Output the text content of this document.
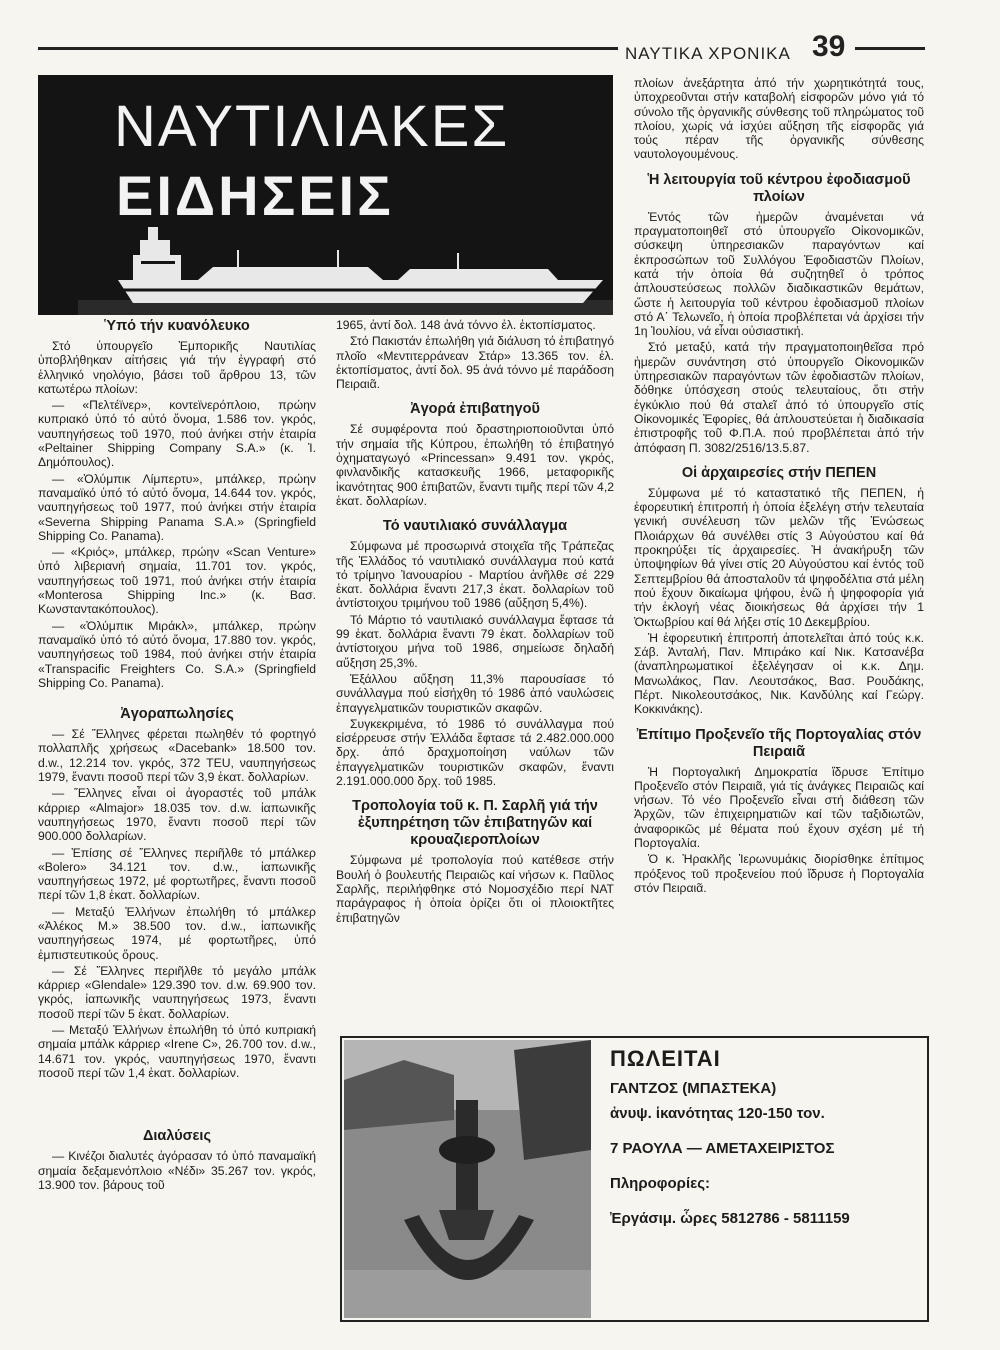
ΝΑΥΤΙΚΑ ΧΡΟΝΙΚΑ 39
ΝΑΥΤΙΛΙΑΚΕΣ
ΕΙΔΗΣΕΙΣ
Ὑπό τήν κυανόλευκο

Στό ὑπουργεῖο Ἐμπορικῆς Ναυτιλίας ὑποβλήθηκαν αἰτήσεις γιά τήν ἐγγραφή στό ἑλληνικό νηολόγιο, βάσει τοῦ ἄρθρου 13, τῶν κατωτέρω πλοίων:

— «Πελτέϊνερ», κοντεϊνερόπλοιο, πρώην κυπριακό ὑπό τό αὐτό ὄνομα, 1.586 τον. γκρός, ναυπηγήσεως τοῦ 1970, πού ἀνήκει στήν ἑταιρία «Peltainer Shipping Company S.A.» (κ. Ἰ. Δημόπουλος).

— «Ὀλύμπικ Λίμπερτυ», μπάλκερ, πρώην παναμαϊκό ὑπό τό αὐτό ὄνομα, 14.644 τον. γκρός, ναυπηγήσεως τοῦ 1977, πού ἀνήκει στήν ἑταιρία «Severna Shipping Panama S.A.» (Springfield Shipping Co. Panama).

— «Κριός», μπάλκερ, πρώην «Scan Venture» ὑπό λιβεριανή σημαία, 11.701 τον. γκρός, ναυπηγήσεως τοῦ 1971, πού ἀνήκει στήν ἑταιρία «Monterosa Shipping Inc.» (κ. Βασ. Κωνσταντακόπουλος).

— «Ὀλύμπικ Μιράκλ», μπάλκερ, πρώην παναμαϊκό ὑπό τό αὐτό ὄνομα, 17.880 τον. γκρός, ναυπηγήσεως τοῦ 1984, πού ἀνήκει στήν ἑταιρία «Transpacific Freighters Co. S.A.» (Springfield Shipping Co. Panama).

Ἀγοραπωλησίες

— Σέ Ἕλληνες φέρεται πωληθέν τό φορτηγό πολλαπλῆς χρήσεως «Dacebank» 18.500 τον. d.w., 12.214 τον. γκρός, 372 TEU, ναυπηγήσεως 1979, ἔναντι ποσοῦ περί τῶν 3,9 ἑκατ. δολλαρίων.

— Ἕλληνες εἶναι οἱ ἀγοραστές τοῦ μπάλκ κάρριερ «Almajor» 18.035 τον. d.w. ἰαπωνικῆς ναυπηγήσεως 1970, ἔναντι ποσοῦ περί τῶν 900.000 δολλαρίων.

— Ἐπίσης σέ Ἕλληνες περιῆλθε τό μπάλκερ «Bolero» 34.121 τον. d.w., ἰαπωνικῆς ναυπηγήσεως 1972, μέ φορτωτῆρες, ἔναντι ποσοῦ περί τῶν 1,8 ἑκατ. δολλαρίων.

— Μεταξύ Ἑλλήνων ἐπωλήθη τό μπάλκερ «Ἀλέκος Μ.» 38.500 τον. d.w., ἰαπωνικῆς ναυπηγήσεως 1974, μέ φορτωτῆρες, ὑπό ἐμπιστευτικούς ὅρους.

— Σέ Ἕλληνες περιῆλθε τό μεγάλο μπάλκ κάρριερ «Glendale» 129.390 τον. d.w. 69.900 τον. γκρός, ἰαπωνικῆς ναυπηγήσεως 1973, ἔναντι ποσοῦ περί τῶν 5 ἑκατ. δολλαρίων.

— Μεταξύ Ἑλλήνων ἐπωλήθη τό ὑπό κυπριακή σημαία μπάλκ κάρριερ «Irene C», 26.700 τον. d.w., 14.671 τον. γκρός, ναυπηγήσεως 1970, ἔναντι ποσοῦ περί τῶν 1,4 ἑκατ. δολλαρίων.

Διαλύσεις

— Κινέζοι διαλυτές ἀγόρασαν τό ὑπό παναμαϊκή σημαία δεξαμενόπλοιο «Νέδι» 35.267 τον. γκρός, 13.900 τον. βάρους τοῦ

1965, ἀντί δολ. 148 ἀνά τόννο ἐλ. ἐκτοπίσματος.

Στό Πακιστάν ἐπωλήθη γιά διάλυση τό ἐπιβατηγό πλοῖο «Μεντιτερράνεαν Στάρ» 13.365 τον. ἐλ. ἐκτοπίσματος, ἀντί δολ. 95 ἀνά τόννο μέ παράδοση Πειραιᾶ.

Ἀγορά ἐπιβατηγοῦ

Σέ συμφέροντα πού δραστηριοποιοῦνται ὑπό τήν σημαία τῆς Κύπρου, ἐπωλήθη τό ἐπιβατηγό ὀχηματαγωγό «Princessan» 9.491 τον. γκρός, φινλανδικῆς κατασκευῆς 1966, μεταφορικῆς ἱκανότητας 900 ἐπιβατῶν, ἔναντι τιμῆς περί τῶν 4,2 ἑκατ. δολλαρίων.

Τό ναυτιλιακό συνάλλαγμα

Σύμφωνα μέ προσωρινά στοιχεῖα τῆς Τράπεζας τῆς Ἑλλάδος τό ναυτιλιακό συνάλλαγμα πού κατά τό τρίμηνο Ἰανουαρίου - Μαρτίου ἀνῆλθε σέ 229 ἑκατ. δολλάρια ἔναντι 217,3 ἑκατ. δολλαρίων τοῦ ἀντίστοιχου τριμήνου τοῦ 1986 (αὔξηση 5,4%).

Τό Μάρτιο τό ναυτιλιακό συνάλλαγμα ἔφτασε τά 99 ἑκατ. δολλάρια ἔναντι 79 ἑκατ. δολλαρίων τοῦ ἀντίστοιχου μήνα τοῦ 1986, σημείωσε δηλαδή αὔξηση 25,3%.

Ἐξάλλου αὔξηση 11,3% παρουσίασε τό συνάλλαγμα πού εἰσήχθη τό 1986 ἀπό ναυλώσεις ἐπαγγελματικῶν τουριστικῶν σκαφῶν.

Συγκεκριμένα, τό 1986 τό συνάλλαγμα πού εἰσέρρευσε στήν Ἑλλάδα ἔφτασε τά 2.482.000.000 δρχ. ἀπό δραχμοποίηση ναύλων τῶν ἐπαγγελματικῶν τουριστικῶν σκαφῶν, ἔναντι 2.191.000.000 δρχ. τοῦ 1985.

Τροπολογία τοῦ κ. Π. Σαρλῆ γιά τήν ἐξυπηρέτηση τῶν ἐπιβατηγῶν καί κρουαζιεροπλοίων

Σύμφωνα μέ τροπολογία πού κατέθεσε στήν Βουλή ὁ βουλευτής Πειραιῶς καί νήσων κ. Παῦλος Σαρλῆς, περιλήφθηκε στό Νομοσχέδιο περί ΝΑΤ παράγραφος ἡ ὁποία ὁρίζει ὅτι οἱ πλοιοκτῆτες ἐπιβατηγῶν

πλοίων ἀνεξάρτητα ἀπό τήν χωρητικότητά τους, ὑποχρεοῦνται στήν καταβολή εἰσφορῶν μόνο γιά τό σύνολο τῆς ὀργανικῆς σύνθεσης τοῦ πληρώματος τοῦ πλοίου, χωρίς νά ἰσχύει αὔξηση τῆς εἰσφορᾶς γιά τούς πέραν τῆς ὀργανικῆς σύνθεσης ναυτολογουμένους.

Ἡ λειτουργία τοῦ κέντρου ἐφοδιασμοῦ πλοίων

Ἐντός τῶν ἡμερῶν ἀναμένεται νά πραγματοποιηθεῖ στό ὑπουργεῖο Οἰκονομικῶν, σύσκεψη ὑπηρεσιακῶν παραγόντων καί ἐκπροσώπων τοῦ Συλλόγου Ἐφοδιαστῶν Πλοίων, κατά τήν ὁποία θά συζητηθεῖ ὁ τρόπος ἁπλουστεύσεως πολλῶν διαδικαστικῶν θεμάτων, ὥστε ἡ λειτουργία τοῦ κέντρου ἐφοδιασμοῦ πλοίων στό Α΄ Τελωνεῖο, ἡ ὁποία προβλέπεται νά ἀρχίσει τήν 1η Ἰουλίου, νά εἶναι οὐσιαστική.

Στό μεταξύ, κατά τήν πραγματοποιηθεῖσα πρό ἡμερῶν συνάντηση στό ὑπουργεῖο Οἰκονομικῶν ὑπηρεσιακῶν παραγόντων τῶν ἐφοδιαστῶν πλοίων, δόθηκε ὑπόσχεση στούς τελευταίους, ὅτι στήν ἐγκύκλιο πού θά σταλεῖ ἀπό τό ὑπουργεῖο στίς Οἰκονομικές Ἐφορίες, θά ἁπλουστεύεται ἡ διαδικασία ἐπιστροφῆς τοῦ Φ.Π.Α. πού προβλέπεται ἀπό τήν ἀπόφαση Π. 3082/2516/13.5.87.

Οἱ ἀρχαιρεσίες στήν ΠΕΠΕΝ

Σύμφωνα μέ τό καταστατικό τῆς ΠΕΠΕΝ, ἡ ἐφορευτική ἐπιτροπή ἡ ὁποία ἐξελέγη στήν τελευταία γενική συνέλευση τῶν μελῶν τῆς Ἑνώσεως Πλοιάρχων θά συνέλθει στίς 3 Αὐγούστου καί θά προκηρύξει τίς ἀρχαιρεσίες. Ἡ ἀνακήρυξη τῶν ὑποψηφίων θά γίνει στίς 20 Αὐγούστου καί ἐντός τοῦ Σεπτεμβρίου θά ἀποσταλοῦν τά ψηφοδέλτια στά μέλη πού ἔχουν δικαίωμα ψήφου, ἐνῶ ἡ ψηφοφορία γιά τήν ἐκλογή νέας διοικήσεως θά ἀρχίσει τήν 1 Ὀκτωβρίου καί θά λήξει στίς 10 Δεκεμβρίου.

Ἡ ἐφορευτική ἐπιτροπή ἀποτελεῖται ἀπό τούς κ.κ. Σάβ. Ἀνταλή, Παν. Μπιράκο καί Νικ. Κατσανέβα (ἀναπληρωματικοί ἐξελέγησαν οἱ κ.κ. Δημ. Μανωλάκος, Παν. Λεουτσάκος, Βασ. Ρουδάκης, Πέρτ. Νικολεουτσάκος, Νικ. Κανδύλης καί Γεώργ. Κοκκινάκης).

Ἐπίτιμο Προξενεῖο τῆς Πορτογαλίας στόν Πειραιᾶ

Ἡ Πορτογαλική Δημοκρατία ἵδρυσε Ἐπίτιμο Προξενεῖο στόν Πειραιᾶ, γιά τίς ἀνάγκες Πειραιῶς καί νήσων. Τό νέο Προξενεῖο εἶναι στή διάθεση τῶν Ἀρχῶν, τῶν ἐπιχειρηματιῶν καί τῶν ταξιδιωτῶν, ἀναφορικῶς μέ θέματα πού ἔχουν σχέση μέ τή Πορτογαλία.

Ὁ κ. Ἡρακλῆς Ἱερωνυμάκις διορίσθηκε ἐπίτιμος πρόξενος τοῦ προξενείου πού ἵδρυσε ἡ Πορτογαλία στόν Πειραιᾶ.

ΠΩΛΕΙΤΑΙ
ΓΑΝΤΖΟΣ (ΜΠΑΣΤΕΚΑ)
ἀνυψ. ἱκανότητας 120-150 τον.
7 ΡΑΟΥΛΑ — ΑΜΕΤΑΧΕΙΡΙΣΤΟΣ
Πληροφορίες:
Ἐργάσιμ. ὧρες 5812786 - 5811159
